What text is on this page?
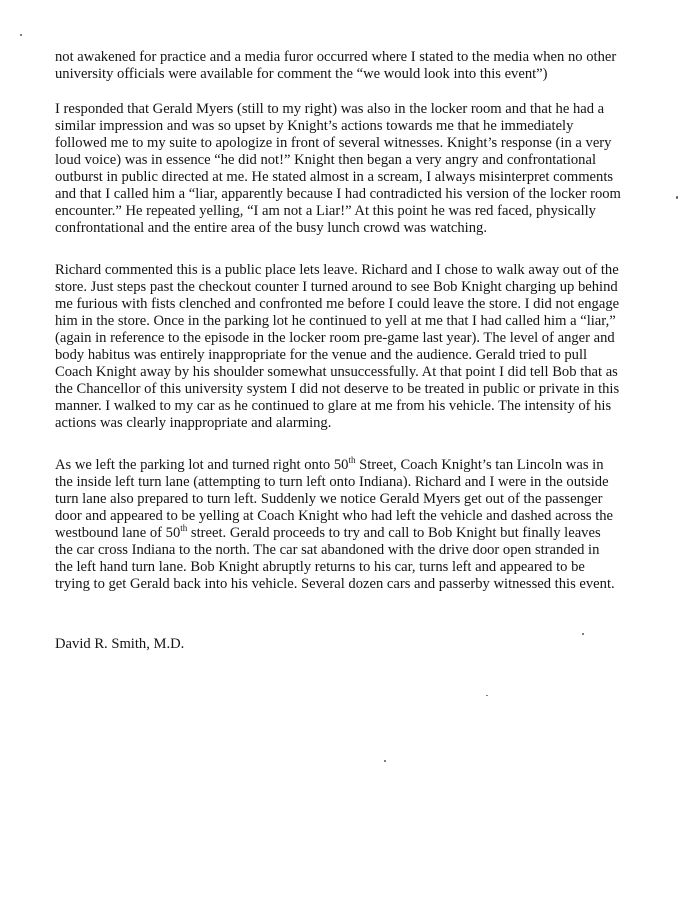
not awakened for practice and a media furor occurred where I stated to the media when no other

university officials were available for comment the “we would look into this event”)

I responded that Gerald Myers (still to my right) was also in the locker room and that he had a

similar impression and was so upset by Knight’s actions towards me that he immediately

followed me to my suite to apologize in front of several witnesses. Knight’s response (in a very

loud voice) was in essence “he did not!” Knight then began a very angry and confrontational

outburst in public directed at me. He stated almost in a scream, I always misinterpret comments

and that I called him a “liar, apparently because I had contradicted his version of the locker room

encounter.” He repeated yelling, “I am not a Liar!” At this point he was red faced, physically

confrontational and the entire area of the busy lunch crowd was watching.

Richard commented this is a public place lets leave. Richard and I chose to walk away out of the

store. Just steps past the checkout counter I turned around to see Bob Knight charging up behind

me furious with fists clenched and confronted me before I could leave the store. I did not engage

him in the store. Once in the parking lot he continued to yell at me that I had called him a “liar,”

(again in reference to the episode in the locker room pre-game last year). The level of anger and

body habitus was entirely inappropriate for the venue and the audience. Gerald tried to pull

Coach Knight away by his shoulder somewhat unsuccessfully. At that point I did tell Bob that as

the Chancellor of this university system I did not deserve to be treated in public or private in this

manner. I walked to my car as he continued to glare at me from his vehicle. The intensity of his

actions was clearly inappropriate and alarming.

As we left the parking lot and turned right onto 50th Street, Coach Knight’s tan Lincoln was in

the inside left turn lane (attempting to turn left onto Indiana). Richard and I were in the outside

turn lane also prepared to turn left. Suddenly we notice Gerald Myers get out of the passenger

door and appeared to be yelling at Coach Knight who had left the vehicle and dashed across the

westbound lane of 50th street. Gerald proceeds to try and call to Bob Knight but finally leaves

the car cross Indiana to the north. The car sat abandoned with the drive door open stranded in

the left hand turn lane. Bob Knight abruptly returns to his car, turns left and appeared to be

trying to get Gerald back into his vehicle. Several dozen cars and passerby witnessed this event.

David R. Smith, M.D.
